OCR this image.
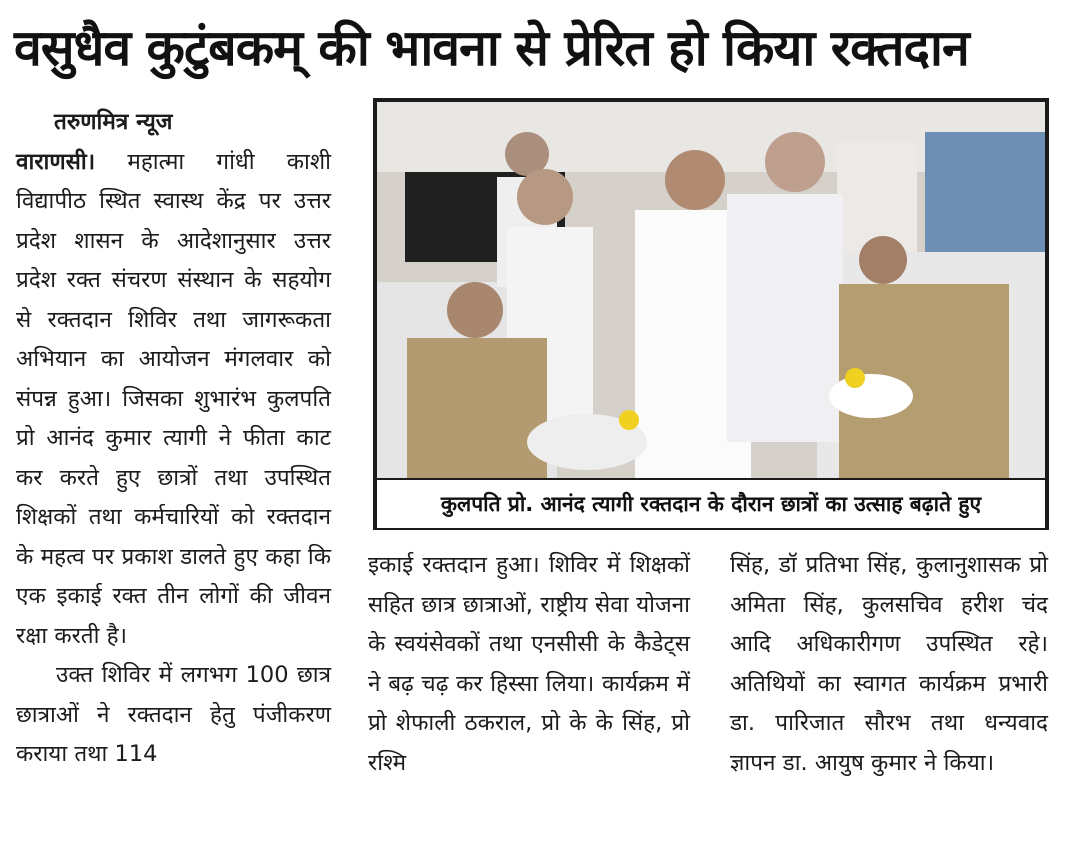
वसुधैव कुटुंबकम् की भावना से प्रेरित हो किया रक्तदान

तरुणमित्र न्यूज

वाराणसी। महात्मा गांधी काशी विद्यापीठ स्थित स्वास्थ केंद्र पर उत्तर प्रदेश शासन के आदेशानुसार उत्तर प्रदेश रक्त संचरण संस्थान के सहयोग से रक्तदान शिविर तथा जागरूकता अभियान का आयोजन मंगलवार को संपन्न हुआ। जिसका शुभारंभ कुलपति प्रो आनंद कुमार त्यागी ने फीता काट कर करते हुए छात्रों तथा उपस्थित शिक्षकों तथा कर्मचारियों को रक्तदान के महत्व पर प्रकाश डालते हुए कहा कि एक इकाई रक्त तीन लोगों की जीवन रक्षा करती है।

उक्त शिविर में लगभग 100 छात्र छात्राओं ने रक्तदान हेतु पंजीकरण कराया तथा 114

कुलपति प्रो. आनंद त्यागी रक्तदान के दौरान छात्रों का उत्साह बढ़ाते हुए

इकाई रक्तदान हुआ। शिविर में शिक्षकों सहित छात्र छात्राओं, राष्ट्रीय सेवा योजना के स्वयंसेवकों तथा एनसीसी के कैडेट्स ने बढ़ चढ़ कर हिस्सा लिया। कार्यक्रम में प्रो शेफाली ठकराल, प्रो के के सिंह, प्रो रश्मि

सिंह, डॉ प्रतिभा सिंह, कुलानुशासक प्रो अमिता सिंह, कुलसचिव हरीश चंद आदि अधिकारीगण उपस्थित रहे। अतिथियों का स्वागत कार्यक्रम प्रभारी डा. पारिजात सौरभ तथा धन्यवाद ज्ञापन डा. आयुष कुमार ने किया।
